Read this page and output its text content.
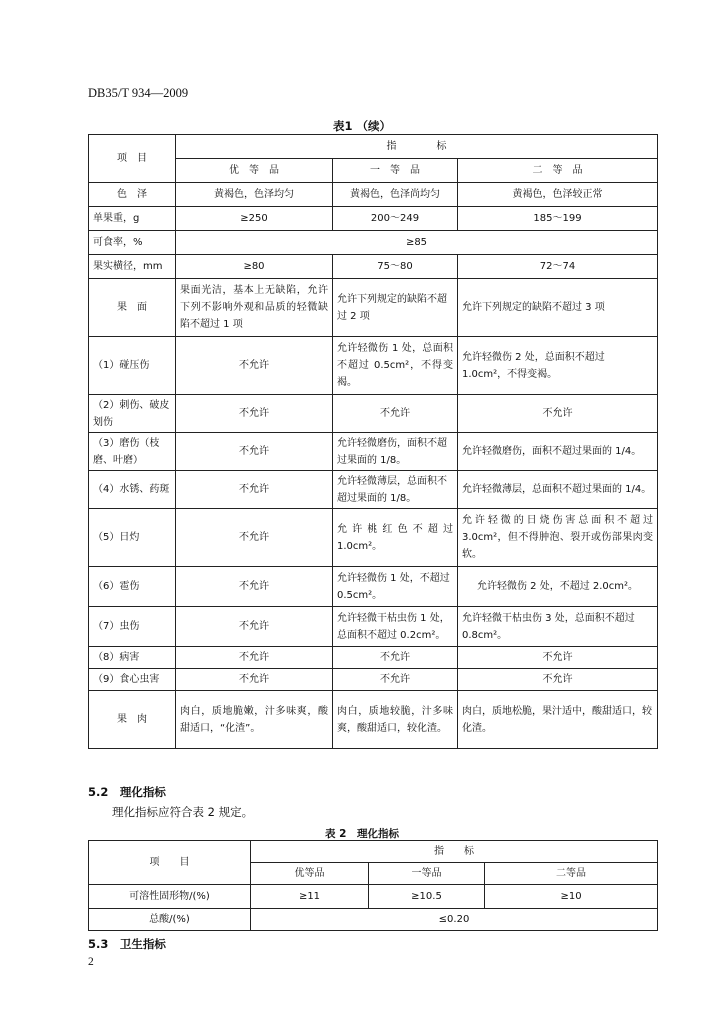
DB35/T 934—2009
表1 （续）
项　目	指　　　　标		
	优　等　品	一　等　品	二　等　品
色　泽	黄褐色，色泽均匀	黄褐色，色泽尚均匀	黄褐色，色泽较正常
单果重，g	≥250	200～249	185～199
可食率，%	≥85		
果实横径，mm	≥80	75～80	72～74
果　面	果面光洁，基本上无缺陷，允许下列不影响外观和品质的轻微缺陷不超过 1 项	允许下列规定的缺陷不超过 2 项	允许下列规定的缺陷不超过 3 项
（1）碰压伤	不允许	允许轻微伤 1 处，总面积不超过 0.5cm²，不得变褐。	允许轻微伤 2 处，总面积不超过 1.0cm²，不得变褐。
（2）刺伤、破皮划伤	不允许	不允许	不允许
（3）磨伤（枝磨、叶磨）	不允许	允许轻微磨伤，面积不超过果面的 1/8。	允许轻微磨伤，面积不超过果面的 1/4。
（4）水锈、药斑	不允许	允许轻微薄层，总面积不超过果面的 1/8。	允许轻微薄层，总面积不超过果面的 1/4。
（5）日灼	不允许	允许桃红色不超过 1.0cm²。	允许轻微的日烧伤害总面积不超过 3.0cm²，但不得肿泡、裂开或伤部果肉变软。
（6）雹伤	不允许	允许轻微伤 1 处，不超过 0.5cm²。	允许轻微伤 2 处，不超过 2.0cm²。
（7）虫伤	不允许	允许轻微干枯虫伤 1 处，总面积不超过 0.2cm²。	允许轻微干枯虫伤 3 处，总面积不超过 0.8cm²。
（8）病害	不允许	不允许	不允许
（9）食心虫害	不允许	不允许	不允许
果　肉	肉白，质地脆嫩，汁多味爽，酸甜适口，“化渣”。	肉白，质地较脆，汁多味爽，酸甜适口，较化渣。	肉白，质地松脆，果汁适中，酸甜适口，较化渣。
5.2　理化指标
理化指标应符合表 2 规定。
表 2　理化指标
项　　目	指　　标		
	优等品	一等品	二等品
可溶性固形物/(%)	≥11	≥10.5	≥10
总酸/(%)	≤0.20		
5.3　卫生指标
2
